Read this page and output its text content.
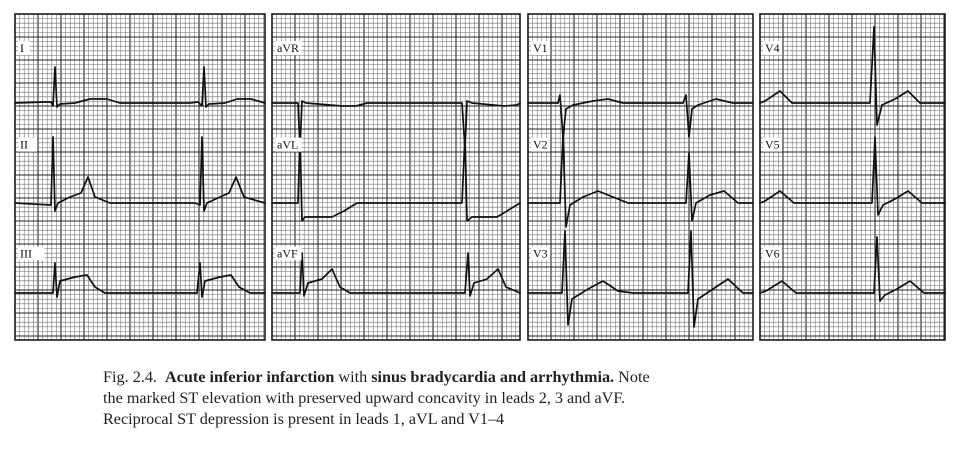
I
II
III
aVR
aVL
aVF
V1
V2
V3
V4
V5
V6
Fig. 2.4. Acute inferior infarction with sinus bradycardia and arrhythmia. Note
the marked ST elevation with preserved upward concavity in leads 2, 3 and aVF.
Reciprocal ST depression is present in leads 1, aVL and V1–4
